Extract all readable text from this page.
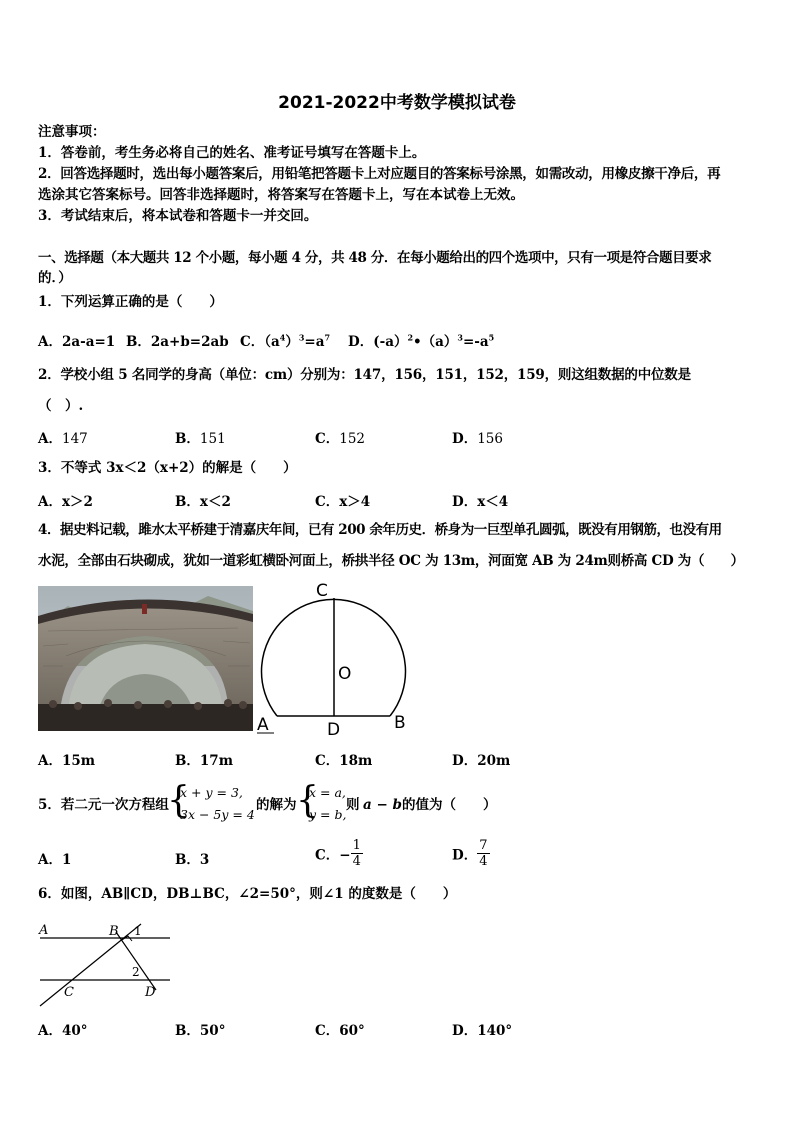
2021-2022中考数学模拟试卷
注意事项：
1．答卷前，考生务必将自己的姓名、准考证号填写在答题卡上。
2．回答选择题时，选出每小题答案后，用铅笔把答题卡上对应题目的答案标号涂黑，如需改动，用橡皮擦干净后，再
选涂其它答案标号。回答非选择题时，将答案写在答题卡上，写在本试卷上无效。
3．考试结束后，将本试卷和答题卡一并交回。
一、选择题（本大题共 12 个小题，每小题 4 分，共 48 分．在每小题给出的四个选项中，只有一项是符合题目要求
的．）
1．下列运算正确的是（　　）
A．2a-a=1 B．2a+b=2ab C．$(a^4)^3=a^7$ D．$(-a)^2•(a)^3=-a^5$
2．学校小组 5 名同学的身高（单位：cm）分别为：147，156，151，152，159，则这组数据的中位数是
（　）.
A．147	B．151	C．152	D．156
3．不等式 3x＜2（x+2）的解是（　　）
A．x＞2	B．x＜2	C．x＞4	D．x＜4
4．据史料记载，雎水太平桥建于清嘉庆年间，已有 200 余年历史．桥身为一巨型单孔圆弧，既没有用钢筋，也没有用
水泥，全部由石块砌成，犹如一道彩虹横卧河面上，桥拱半径 OC 为 13m，河面宽 AB 为 24m则桥高 CD 为（　　）
C
O
A	D	B
A．15m	B．17m	C．18m	D．20m
5．若二元一次方程组
{
x + y = 3,
3x − 5y = 4
的解为 {
x = a,
y = b,
则 a − b 的值为（　　）
A．1	B．3	C．− $\frac{1}{4}$	D． $\frac{7}{4}$
6．如图，AB∥CD，DB⊥BC，∠2=50°，则∠1 的度数是（　　）
A	B 1
2
C	D
A．40°	B．50°	C．60°	D．140°
